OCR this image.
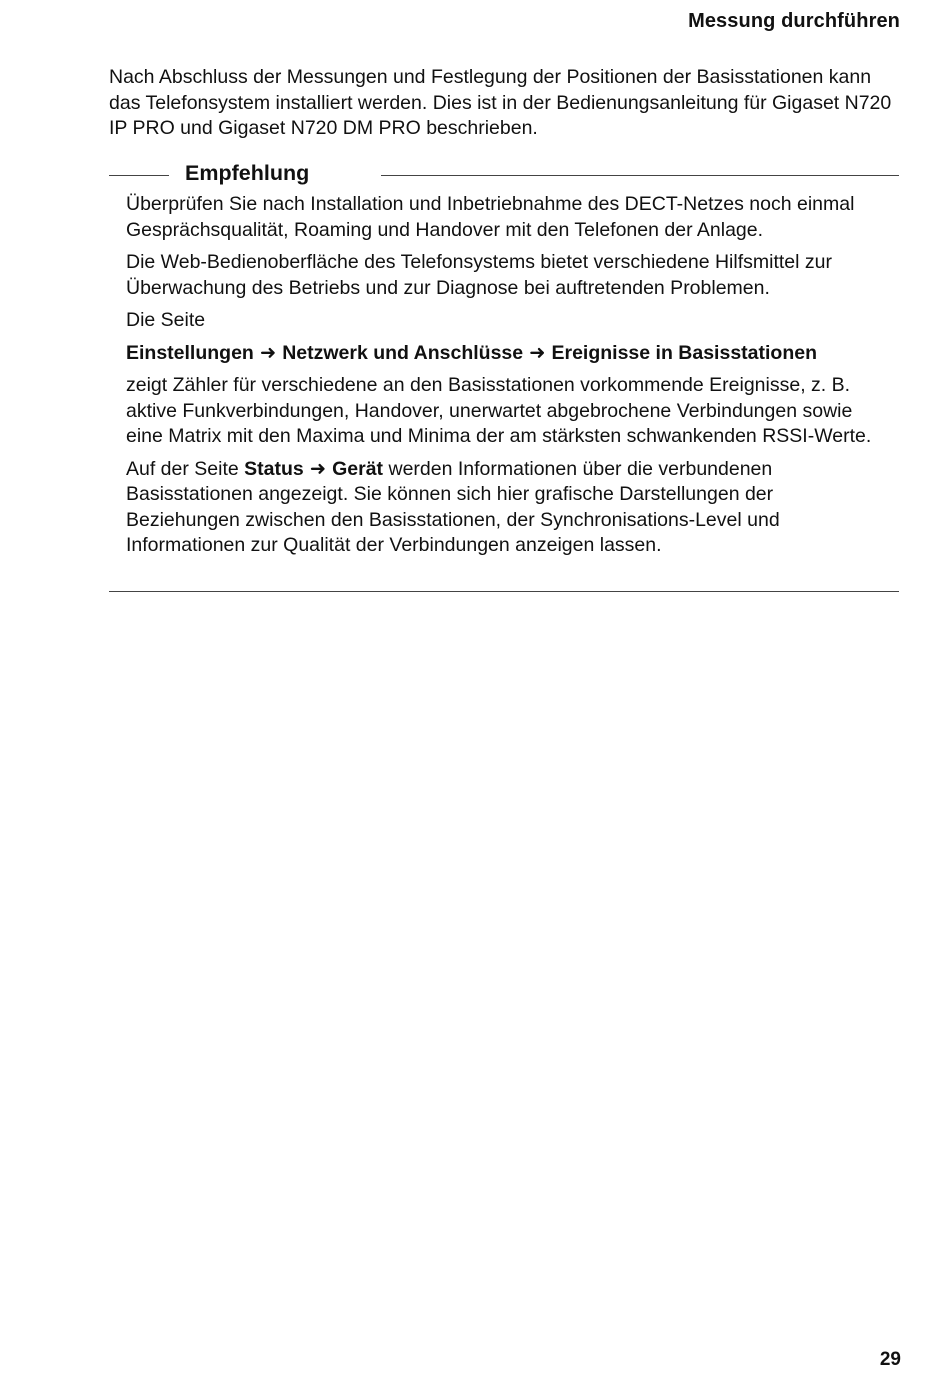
Messung durchführen

Nach Abschluss der Messungen und Festlegung der Positionen der Basisstationen kann das Telefonsystem installiert werden. Dies ist in der Bedienungsanleitung für Gigaset N720 IP PRO und Gigaset N720 DM PRO beschrieben.

Empfehlung

Überprüfen Sie nach Installation und Inbetriebnahme des DECT-Netzes noch einmal Gesprächsqualität, Roaming und Handover mit den Telefonen der Anlage.

Die Web-Bedienoberfläche des Telefonsystems bietet verschiedene Hilfsmittel zur Überwachung des Betriebs und zur Diagnose bei auftretenden Problemen.

Die Seite

Einstellungen ➜ Netzwerk und Anschlüsse ➜ Ereignisse in Basisstationen

zeigt Zähler für verschiedene an den Basisstationen vorkommende Ereignisse, z. B. aktive Funkverbindungen, Handover, unerwartet abgebrochene Verbindungen sowie eine Matrix mit den Maxima und Minima der am stärksten schwankenden RSSI-Werte.

Auf der Seite Status ➜ Gerät werden Informationen über die verbundenen Basisstationen angezeigt. Sie können sich hier grafische Darstellungen der Beziehungen zwischen den Basisstationen, der Synchronisations-Level und Informationen zur Qualität der Verbindungen anzeigen lassen.

29
